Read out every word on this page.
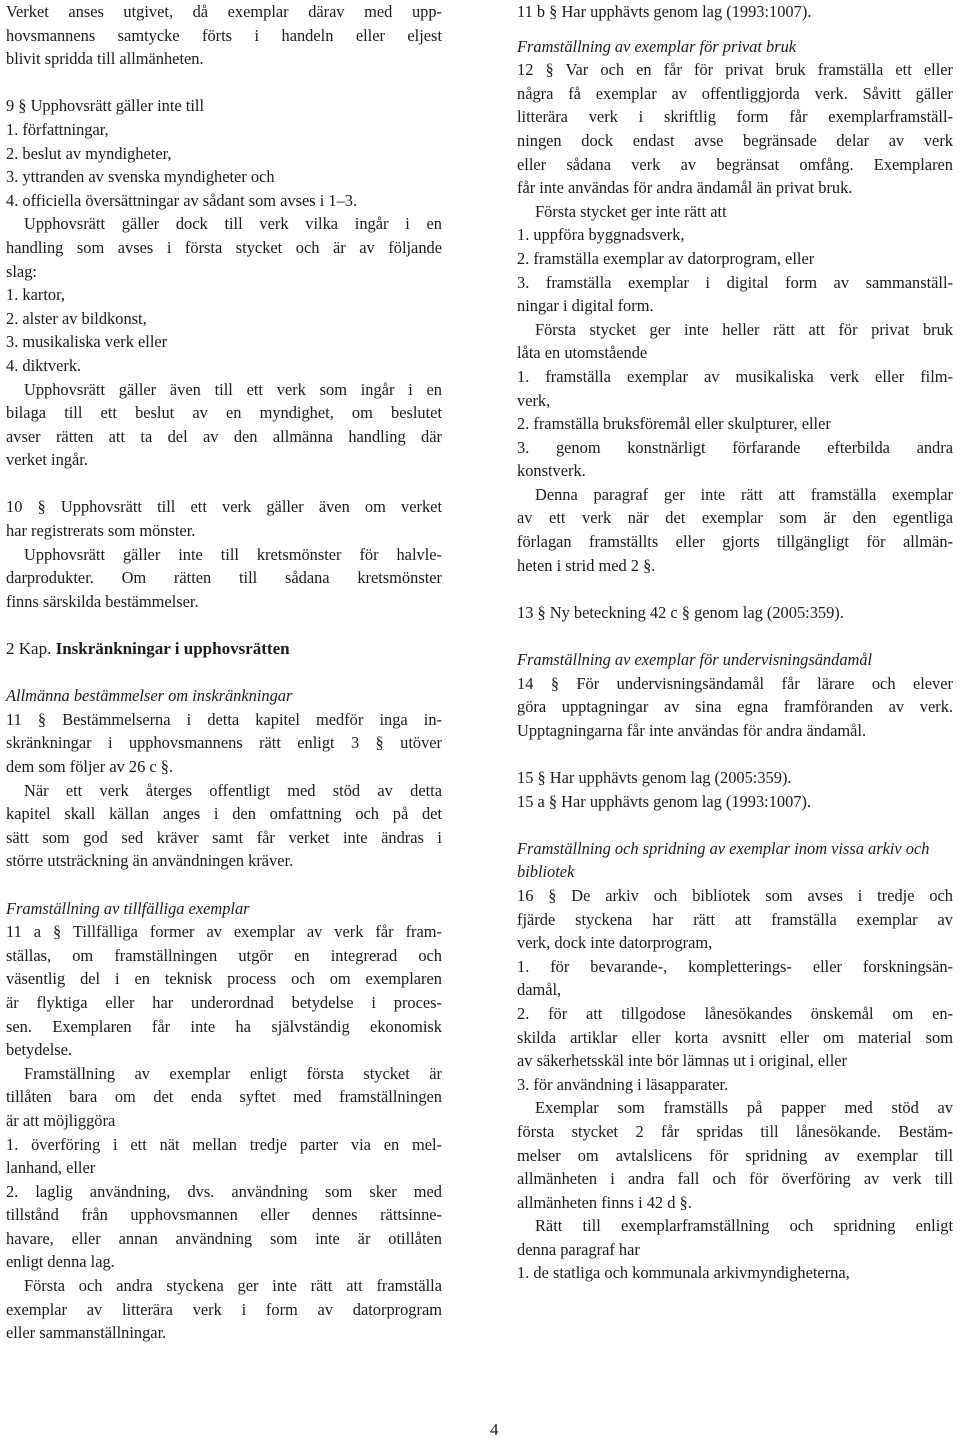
Verket anses utgivet, då exemplar därav med upp-
hovsmannens samtycke förts i handeln eller eljest
blivit spridda till allmänheten.

9 § Upphovsrätt gäller inte till
1. författningar,
2. beslut av myndigheter,
3. yttranden av svenska myndigheter och
4. officiella översättningar av sådant som avses i 1–3.

Upphovsrätt gäller dock till verk vilka ingår i en
handling som avses i första stycket och är av följande
slag:
1. kartor,
2. alster av bildkonst,
3. musikaliska verk eller
4. diktverk.

Upphovsrätt gäller även till ett verk som ingår i en
bilaga till ett beslut av en myndighet, om beslutet
avser rätten att ta del av den allmänna handling där
verket ingår.

10 § Upphovsrätt till ett verk gäller även om verket
har registrerats som mönster.
Upphovsrätt gäller inte till kretsmönster för halvle-
darprodukter. Om rätten till sådana kretsmönster
finns särskilda bestämmelser.

2 Kap. Inskränkningar i upphovsrätten

Allmänna bestämmelser om inskränkningar

11 § Bestämmelserna i detta kapitel medför inga in-
skränkningar i upphovsmannens rätt enligt 3 § utöver
dem som följer av 26 c §.
När ett verk återges offentligt med stöd av detta
kapitel skall källan anges i den omfattning och på det
sätt som god sed kräver samt får verket inte ändras i
större utsträckning än användningen kräver.

Framställning av tillfälliga exemplar

11 a § Tillfälliga former av exemplar av verk får fram-
ställas, om framställningen utgör en integrerad och
väsentlig del i en teknisk process och om exemplaren
är flyktiga eller har underordnad betydelse i proces-
sen. Exemplaren får inte ha självständig ekonomisk
betydelse.
Framställning av exemplar enligt första stycket är
tillåten bara om det enda syftet med framställningen
är att möjliggöra
1. överföring i ett nät mellan tredje parter via en mel-
lanhand, eller
2. laglig användning, dvs. användning som sker med
tillstånd från upphovsmannen eller dennes rättsinne-
havare, eller annan användning som inte är otillåten
enligt denna lag.
Första och andra styckena ger inte rätt att framställa
exemplar av litterära verk i form av datorprogram
eller sammanställningar.

11 b § Har upphävts genom lag (1993:1007).

Framställning av exemplar för privat bruk

12 § Var och en får för privat bruk framställa ett eller
några få exemplar av offentliggjorda verk. Såvitt gäller
litterära verk i skriftlig form får exemplarframställ-
ningen dock endast avse begränsade delar av verk
eller sådana verk av begränsat omfång. Exemplaren
får inte användas för andra ändamål än privat bruk.
Första stycket ger inte rätt att
1. uppföra byggnadsverk,
2. framställa exemplar av datorprogram, eller
3. framställa exemplar i digital form av sammanställ-
ningar i digital form.
Första stycket ger inte heller rätt att för privat bruk
låta en utomstående
1. framställa exemplar av musikaliska verk eller film-
verk,
2. framställa bruksföremål eller skulpturer, eller
3. genom konstnärligt förfarande efterbilda andra
konstverk.
Denna paragraf ger inte rätt att framställa exemplar
av ett verk när det exemplar som är den egentliga
förlagan framställts eller gjorts tillgängligt för allmän-
heten i strid med 2 §.

13 § Ny beteckning 42 c § genom lag (2005:359).

Framställning av exemplar för undervisningsändamål

14 § För undervisningsändamål får lärare och elever
göra upptagningar av sina egna framföranden av verk.
Upptagningarna får inte användas för andra ändamål.

15 § Har upphävts genom lag (2005:359).

15 a § Har upphävts genom lag (1993:1007).

Framställning och spridning av exemplar inom vissa arkiv och
bibliotek

16 § De arkiv och bibliotek som avses i tredje och
fjärde styckena har rätt att framställa exemplar av
verk, dock inte datorprogram,
1. för bevarande-, kompletterings- eller forskningsän-
damål,
2. för att tillgodose lånesökandes önskemål om en-
skilda artiklar eller korta avsnitt eller om material som
av säkerhetsskäl inte bör lämnas ut i original, eller
3. för användning i läsapparater.
Exemplar som framställs på papper med stöd av
första stycket 2 får spridas till lånesökande. Bestäm-
melser om avtalslicens för spridning av exemplar till
allmänheten i andra fall och för överföring av verk till
allmänheten finns i 42 d §.
Rätt till exemplarframställning och spridning enligt
denna paragraf har
1. de statliga och kommunala arkivmyndigheterna,

4
